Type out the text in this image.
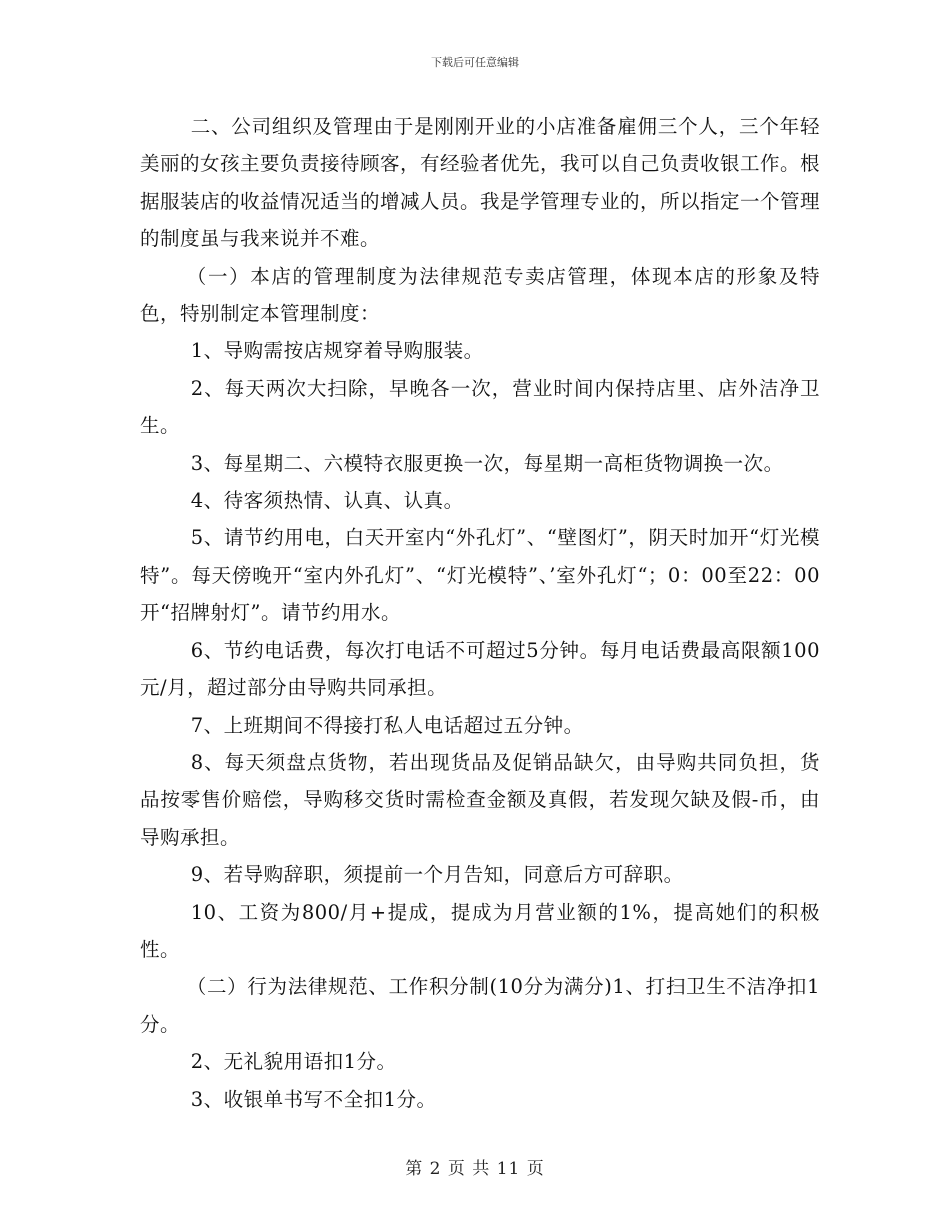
下载后可任意编辑

二、公司组织及管理由于是刚刚开业的小店准备雇佣三个人，三个年轻美丽的女孩主要负责接待顾客，有经验者优先，我可以自己负责收银工作。根据服装店的收益情况适当的增减人员。我是学管理专业的，所以指定一个管理的制度虽与我来说并不难。

（一）本店的管理制度为法律规范专卖店管理，体现本店的形象及特色，特别制定本管理制度：

1、导购需按店规穿着导购服装。

2、每天两次大扫除，早晚各一次，营业时间内保持店里、店外洁净卫生。

3、每星期二、六模特衣服更换一次，每星期一高柜货物调换一次。

4、待客须热情、认真、认真。

5、请节约用电，白天开室内“外孔灯”、“壁图灯”，阴天时加开“灯光模特”。每天傍晚开“室内外孔灯”、“灯光模特”、’室外孔灯“；0：00至22：00开“招牌射灯”。请节约用水。

6、节约电话费，每次打电话不可超过5分钟。每月电话费最高限额100元/月，超过部分由导购共同承担。

7、上班期间不得接打私人电话超过五分钟。

8、每天须盘点货物，若出现货品及促销品缺欠，由导购共同负担，货品按零售价赔偿，导购移交货时需检查金额及真假，若发现欠缺及假-币，由导购承担。

9、若导购辞职，须提前一个月告知，同意后方可辞职。

10、工资为800/月+提成，提成为月营业额的1%，提高她们的积极性。

（二）行为法律规范、工作积分制(10分为满分)1、打扫卫生不洁净扣1分。

2、无礼貌用语扣1分。

3、收银单书写不全扣1分。

第 2 页 共 11 页
